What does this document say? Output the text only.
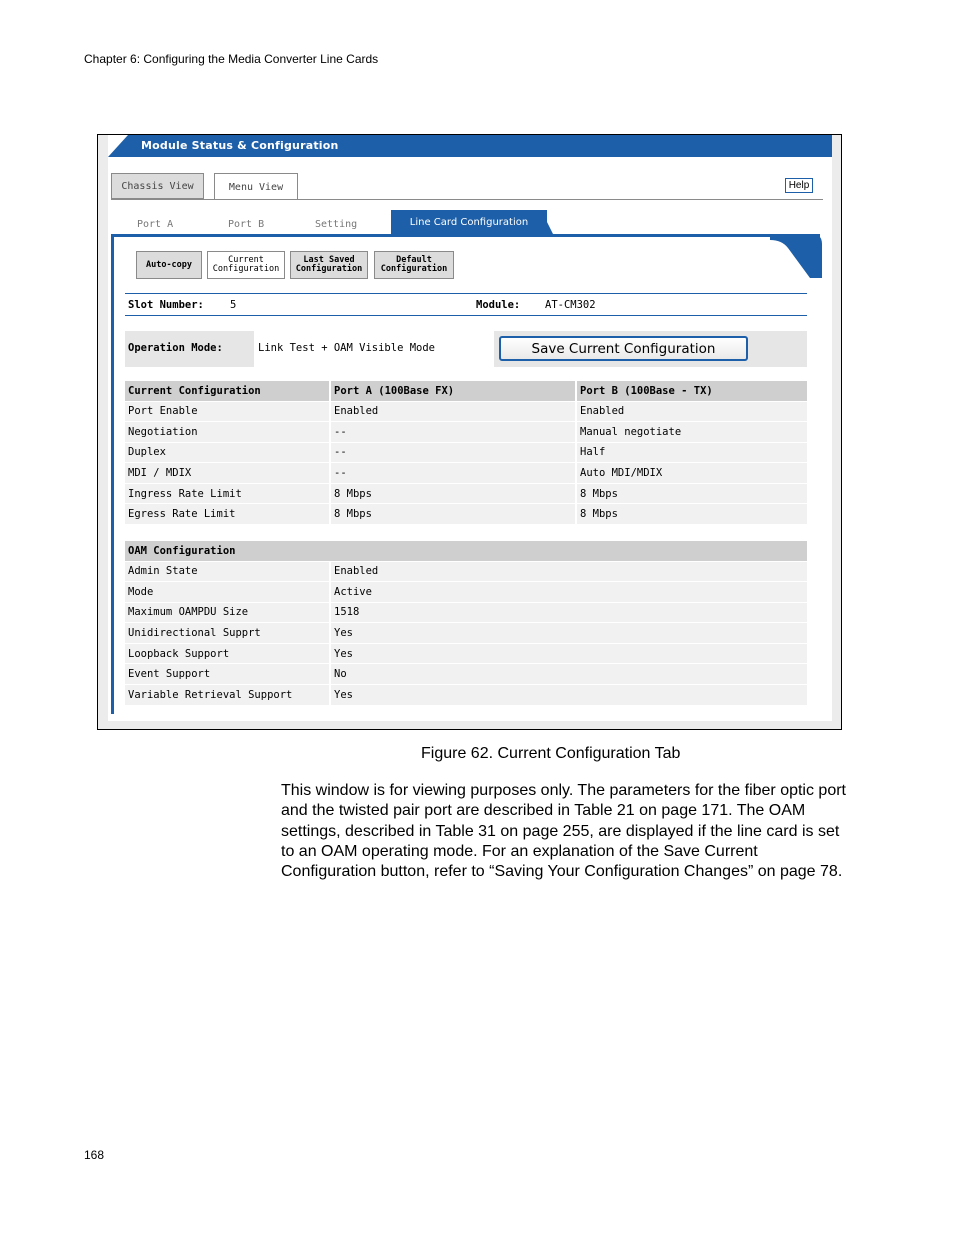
Chapter 6: Configuring the Media Converter Line Cards
Module Status & Configuration
Chassis View	Menu View	Help
Port A	Port B	Setting	Line Card Configuration
Auto-copy	Current Configuration
Last Saved Configuration
Default Configuration
Slot Number: 5	Module: AT-CM302
Operation Mode:	Link Test + OAM Visible Mode	Save Current Configuration
Current Configuration	Port A (100Base FX)	Port B (100Base - TX)
Port Enable	Enabled	Enabled
Negotiation	--	Manual negotiate
Duplex	--	Half
MDI / MDIX	--	Auto MDI/MDIX
Ingress Rate Limit	8 Mbps	8 Mbps
Egress Rate Limit	8 Mbps	8 Mbps
OAM Configuration	
Admin State	Enabled
Mode	Active
Maximum OAMPDU Size	1518
Unidirectional Supprt	Yes
Loopback Support	Yes
Event Support	No
Variable Retrieval Support	Yes
Figure 62. Current Configuration Tab
This window is for viewing purposes only. The parameters for the fiber optic port and the twisted pair port are described in Table 21 on page 171. The OAM settings, described in Table 31 on page 255, are displayed if the line card is set to an OAM operating mode. For an explanation of the Save Current Configuration button, refer to “Saving Your Configuration Changes” on page 78.
168
